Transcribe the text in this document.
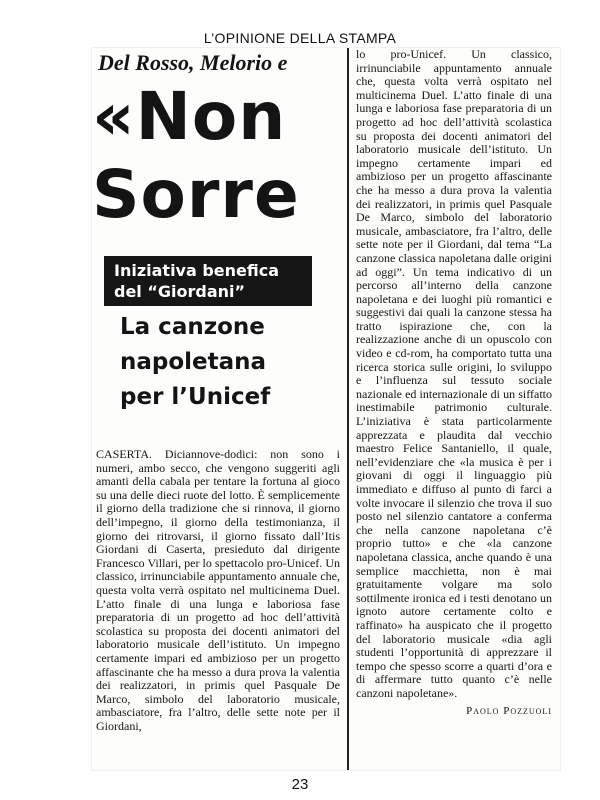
L’OPINIONE DELLA STAMPA
Del Rosso, Melorio e
«Non
Sorre
Iniziativa benefica
del “Giordani”
La canzone
napoletana
per l’Unicef

CASERTA. Diciannove-dodici: non sono i numeri, ambo secco, che vengono suggeriti agli amanti della cabala per tentare la fortuna al gioco su una delle dieci ruote del lotto. È semplicemente il giorno della tradizione che si rinnova, il giorno dell’impegno, il giorno della testimonianza, il giorno dei ritrovarsi, il giorno fissato dall’Itis Giordani di Caserta, presieduto dal dirigente Francesco Villari, per lo spettacolo pro-Unicef. Un classico, irrinunciabile appuntamento annuale che, questa volta verrà ospitato nel multicinema Duel. L’atto finale di una lunga e laboriosa fase preparatoria di un progetto ad hoc dell’attività scolastica su proposta dei docenti animatori del laboratorio musicale dell’istituto. Un impegno certamente impari ed ambizioso per un progetto affascinante che ha messo a dura prova la valentia dei realizzatori, in primis quel Pasquale De Marco, simbolo del laboratorio musicale, ambasciatore, fra l’altro, delle sette note per il Giordani,

lo pro-Unicef. Un classico, irrinunciabile appuntamento annuale che, questa volta verrà ospitato nel multicinema Duel. L’atto finale di una lunga e laboriosa fase preparatoria di un progetto ad hoc dell’attività scolastica su proposta dei docenti animatori del laboratorio musicale dell’istituto. Un impegno certamente impari ed ambizioso per un progetto affascinante che ha messo a dura prova la valentia dei realizzatori, in primis quel Pasquale De Marco, simbolo del laboratorio musicale, ambasciatore, fra l’altro, delle sette note per il Giordani, dal tema “La canzone classica napoletana dalle origini ad oggi”. Un tema indicativo di un percorso all’interno della canzone napoletana e dei luoghi più romantici e suggestivi dai quali la canzone stessa ha tratto ispirazione che, con la realizzazione anche di un opuscolo con video e cd-rom, ha comportato tutta una ricerca storica sulle origini, lo sviluppo e l’influenza sul tessuto sociale nazionale ed internazionale di un siffatto inestimabile patrimonio culturale. L’iniziativa è stata particolarmente apprezzata e plaudita dal vecchio maestro Felice Santaniello, il quale, nell’evidenziare che «la musica è per i giovani di oggi il linguaggio più immediato e diffuso al punto di farci a volte invocare il silenzio che trova il suo posto nel silenzio cantatore a conferma che nella canzone napoletana c’è proprio tutto» e che «la canzone napoletana classica, anche quando è una semplice macchietta, non è mai gratuitamente volgare ma solo sottilmente ironica ed i testi denotano un ignoto autore certamente colto e raffinato» ha auspicato che il progetto del laboratorio musicale «dia agli studenti l’opportunità di apprezzare il tempo che spesso scorre a quarti d’ora e di affermare tutto quanto c’è nelle canzoni napoletane».

Paolo Pozzuoli
23
